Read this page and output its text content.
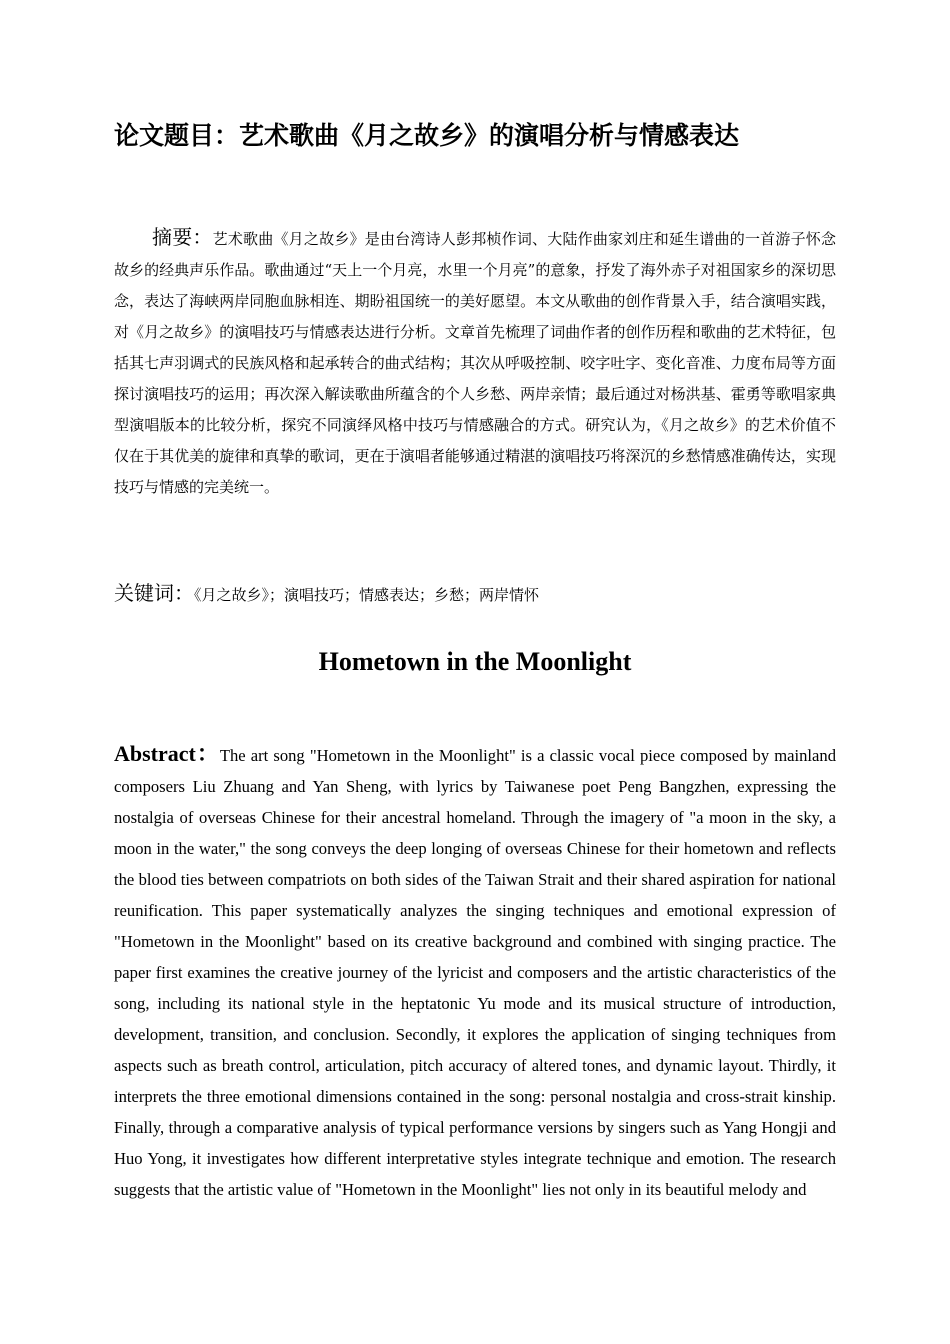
论文题目：艺术歌曲《月之故乡》的演唱分析与情感表达
摘要：艺术歌曲《月之故乡》是由台湾诗人彭邦桢作词、大陆作曲家刘庄和延生谱曲的一首游子怀念故乡的经典声乐作品。歌曲通过“天上一个月亮，水里一个月亮”的意象，抒发了海外赤子对祖国家乡的深切思念，表达了海峡两岸同胞血脉相连、期盼祖国统一的美好愿望。本文从歌曲的创作背景入手，结合演唱实践，对《月之故乡》的演唱技巧与情感表达进行分析。文章首先梳理了词曲作者的创作历程和歌曲的艺术特征，包括其七声羽调式的民族风格和起承转合的曲式结构；其次从呼吸控制、咬字吐字、变化音准、力度布局等方面探讨演唱技巧的运用；再次深入解读歌曲所蕴含的个人乡愁、两岸亲情；最后通过对杨洪基、霍勇等歌唱家典型演唱版本的比较分析，探究不同演绎风格中技巧与情感融合的方式。研究认为，《月之故乡》的艺术价值不仅在于其优美的旋律和真挚的歌词，更在于演唱者能够通过精湛的演唱技巧将深沉的乡愁情感准确传达，实现技巧与情感的完美统一。
关键词：《月之故乡》；演唱技巧；情感表达；乡愁；两岸情怀
Hometown in the Moonlight
Abstract：The art song "Hometown in the Moonlight" is a classic vocal piece composed by mainland composers Liu Zhuang and Yan Sheng, with lyrics by Taiwanese poet Peng Bangzhen, expressing the nostalgia of overseas Chinese for their ancestral homeland. Through the imagery of "a moon in the sky, a moon in the water," the song conveys the deep longing of overseas Chinese for their hometown and reflects the blood ties between compatriots on both sides of the Taiwan Strait and their shared aspiration for national reunification. This paper systematically analyzes the singing techniques and emotional expression of "Hometown in the Moonlight" based on its creative background and combined with singing practice. The paper first examines the creative journey of the lyricist and composers and the artistic characteristics of the song, including its national style in the heptatonic Yu mode and its musical structure of introduction, development, transition, and conclusion. Secondly, it explores the application of singing techniques from aspects such as breath control, articulation, pitch accuracy of altered tones, and dynamic layout. Thirdly, it interprets the three emotional dimensions contained in the song: personal nostalgia and cross-strait kinship. Finally, through a comparative analysis of typical performance versions by singers such as Yang Hongji and Huo Yong, it investigates how different interpretative styles integrate technique and emotion. The research suggests that the artistic value of "Hometown in the Moonlight" lies not only in its beautiful melody and
